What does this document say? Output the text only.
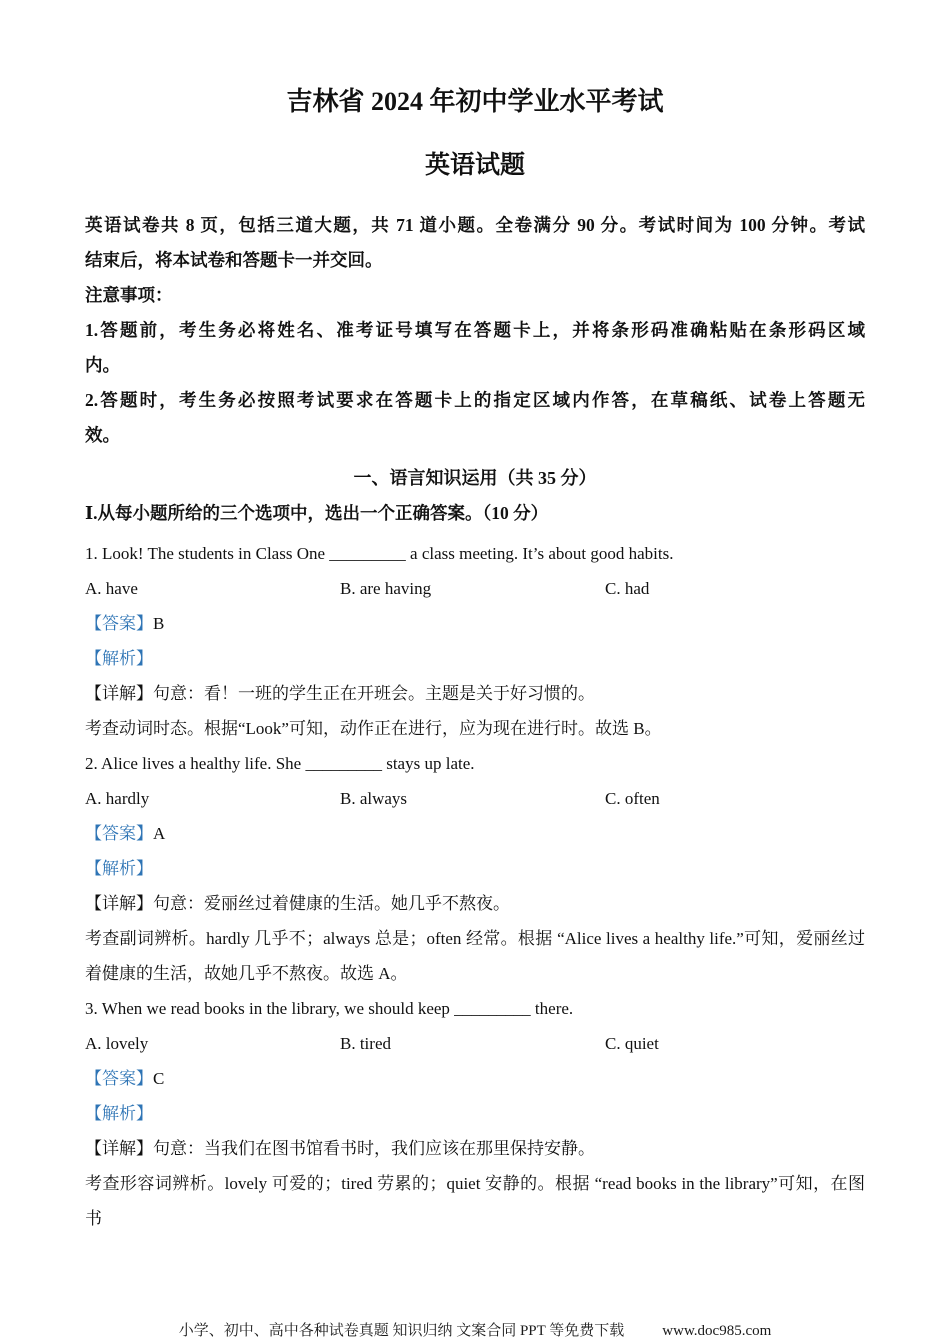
吉林省 2024 年初中学业水平考试
英语试题
英语试卷共 8 页，包括三道大题，共 71 道小题。全卷满分 90 分。考试时间为 100 分钟。考试
结束后，将本试卷和答题卡一并交回。
注意事项：
1.答题前，考生务必将姓名、准考证号填写在答题卡上，并将条形码准确粘贴在条形码区域
内。
2.答题时，考生务必按照考试要求在答题卡上的指定区域内作答，在草稿纸、试卷上答题无
效。
一、语言知识运用（共 35 分）
Ⅰ.从每小题所给的三个选项中，选出一个正确答案。（10 分）
1. Look! The students in Class One _________ a class meeting. It’s about good habits.
A. have	B. are having	C. had
【答案】B
【解析】
【详解】句意：看！一班的学生正在开班会。主题是关于好习惯的。
考查动词时态。根据“Look”可知，动作正在进行，应为现在进行时。故选 B。
2. Alice lives a healthy life. She _________ stays up late.
A. hardly	B. always	C. often
【答案】A
【解析】
【详解】句意：爱丽丝过着健康的生活。她几乎不熬夜。
考查副词辨析。hardly 几乎不；always 总是；often 经常。根据 “Alice lives a healthy life.”可知，爱丽丝过
着健康的生活，故她几乎不熬夜。故选 A。
3. When we read books in the library, we should keep _________ there.
A. lovely	B. tired	C. quiet
【答案】C
【解析】
【详解】句意：当我们在图书馆看书时，我们应该在那里保持安静。
考查形容词辨析。lovely 可爱的；tired 劳累的；quiet 安静的。根据 “read books in the library”可知，在图书
小学、初中、高中各种试卷真题 知识归纳 文案合同 PPT 等免费下载	www.doc985.com
